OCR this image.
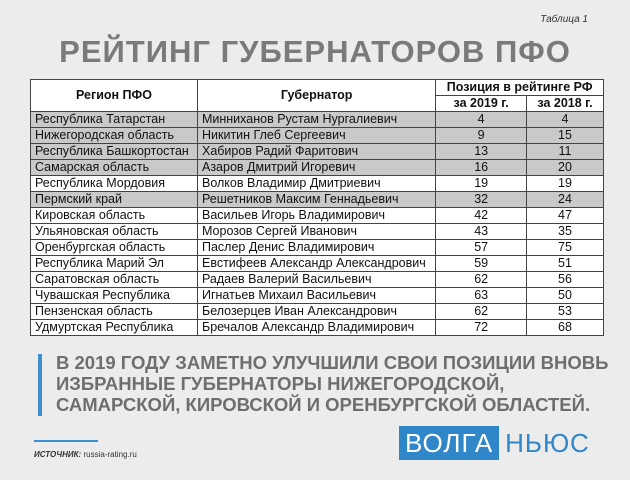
Таблица 1
РЕЙТИНГ ГУБЕРНАТОРОВ ПФО
Регион ПФО	Губернатор	Позиция в рейтинге РФ	
		за 2019 г.	за 2018 г.
Республика Татарстан	Минниханов Рустам Нургалиевич	4	4
Нижегородская область	Никитин Глеб Сергеевич	9	15
Республика Башкортостан	Хабиров Радий Фаритович	13	11
Самарская область	Азаров Дмитрий Игоревич	16	20
Республика Мордовия	Волков Владимир Дмитриевич	19	19
Пермский край	Решетников Максим Геннадьевич	32	24
Кировская область	Васильев Игорь Владимирович	42	47
Ульяновская область	Морозов Сергей Иванович	43	35
Оренбургская область	Паслер Денис Владимирович	57	75
Республика Марий Эл	Евстифеев Александр Александрович	59	51
Саратовская область	Радаев Валерий Васильевич	62	56
Чувашская Республика	Игнатьев Михаил Васильевич	63	50
Пензенская область	Белозерцев Иван Александрович	62	53
Удмуртская Республика	Бречалов Александр Владимирович	72	68
В 2019 ГОДУ ЗАМЕТНО УЛУЧШИЛИ СВОИ ПОЗИЦИИ ВНОВЬ ИЗБРАННЫЕ ГУБЕРНАТОРЫ НИЖЕГОРОДСКОЙ, САМАРСКОЙ, КИРОВСКОЙ И ОРЕНБУРГСКОЙ ОБЛАСТЕЙ.
ИСТОЧНИК: russia-rating.ru	ВОЛГА НЬЮС
